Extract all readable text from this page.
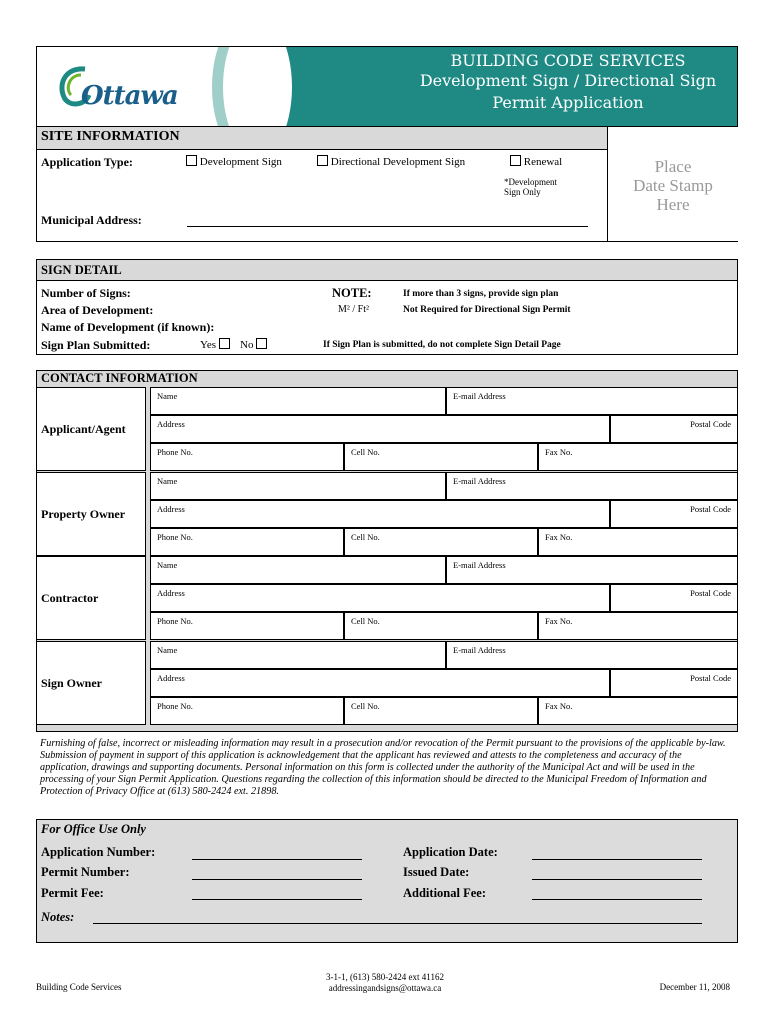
Ottawa
BUILDING CODE SERVICES
Development Sign / Directional Sign
Permit Application
SITE INFORMATION
Place
Date Stamp
Here
Application Type:	Development Sign	Directional Development Sign	Renewal
*Development
Sign Only
Municipal Address:
SIGN DETAIL
Number of Signs:
Area of Development:
Name of Development (if known):
Sign Plan Submitted:	Yes	No
NOTE:
M² / Ft²
If more than 3 signs, provide sign plan
Not Required for Directional Sign Permit
If Sign Plan is submitted, do not complete Sign Detail Page
CONTACT INFORMATION
Applicant/Agent
Name	E-mail Address
Address	Postal Code
Phone No.	Cell No.	Fax No.
Property Owner
Name	E-mail Address
Address	Postal Code
Phone No.	Cell No.	Fax No.
Contractor
Name	E-mail Address
Address	Postal Code
Phone No.	Cell No.	Fax No.
Sign Owner
Name	E-mail Address
Address	Postal Code
Phone No.	Cell No.	Fax No.
Furnishing of false, incorrect or misleading information may result in a prosecution and/or revocation of the Permit pursuant to the provisions of the applicable by-law. Submission of payment in support of this application is acknowledgement that the applicant has reviewed and attests to the completeness and accuracy of the application, drawings and supporting documents. Personal information on this form is collected under the authority of the Municipal Act and will be used in the processing of your Sign Permit Application. Questions regarding the collection of this information should be directed to the Municipal Freedom of Information and Protection of Privacy Office at (613) 580-2424 ext. 21898.
For Office Use Only
Application Number:
Permit Number:
Permit Fee:
Application Date:
Issued Date:
Additional Fee:
Notes:
Building Code Services
3-1-1, (613) 580-2424 ext 41162
addressingandsigns@ottawa.ca	December 11, 2008
